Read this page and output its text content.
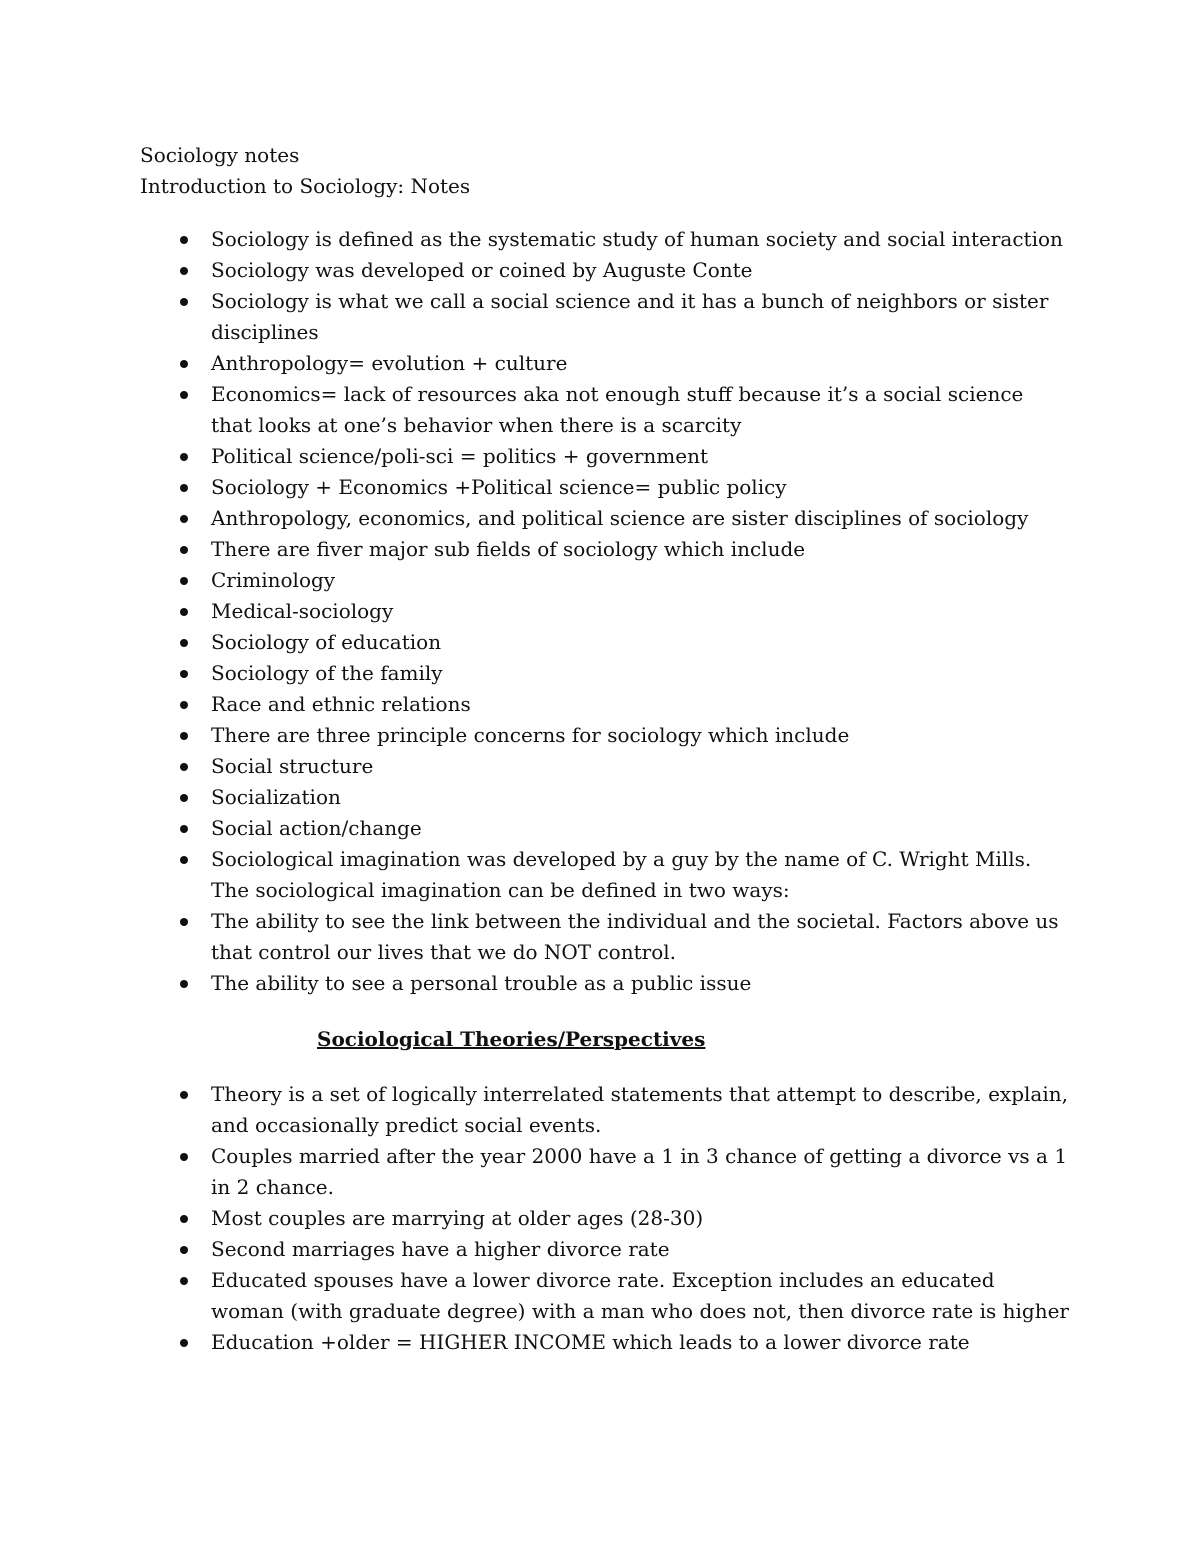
Sociology notes

Introduction to Sociology: Notes

Sociology is defined as the systematic study of human society and social interaction
Sociology was developed or coined by Auguste Conte
Sociology is what we call a social science and it has a bunch of neighbors or sister disciplines
Anthropology= evolution + culture
Economics= lack of resources aka not enough stuff because it’s a social science that looks at one’s behavior when there is a scarcity
Political science/poli-sci = politics + government
Sociology + Economics +Political science= public policy
Anthropology, economics, and political science are sister disciplines of sociology
There are fiver major sub fields of sociology which include
Criminology
Medical-sociology
Sociology of education
Sociology of the family
Race and ethnic relations
There are three principle concerns for sociology which include
Social structure
Socialization
Social action/change
Sociological imagination was developed by a guy by the name of C. Wright Mills. The sociological imagination can be defined in two ways:
The ability to see the link between the individual and the societal. Factors above us that control our lives that we do NOT control.
The ability to see a personal trouble as a public issue
Sociological Theories/Perspectives
Theory is a set of logically interrelated statements that attempt to describe, explain, and occasionally predict social events.
Couples married after the year 2000 have a 1 in 3 chance of getting a divorce vs a 1 in 2 chance.
Most couples are marrying at older ages (28-30)
Second marriages have a higher divorce rate
Educated spouses have a lower divorce rate. Exception includes an educated woman (with graduate degree) with a man who does not, then divorce rate is higher
Education +older = HIGHER INCOME which leads to a lower divorce rate
